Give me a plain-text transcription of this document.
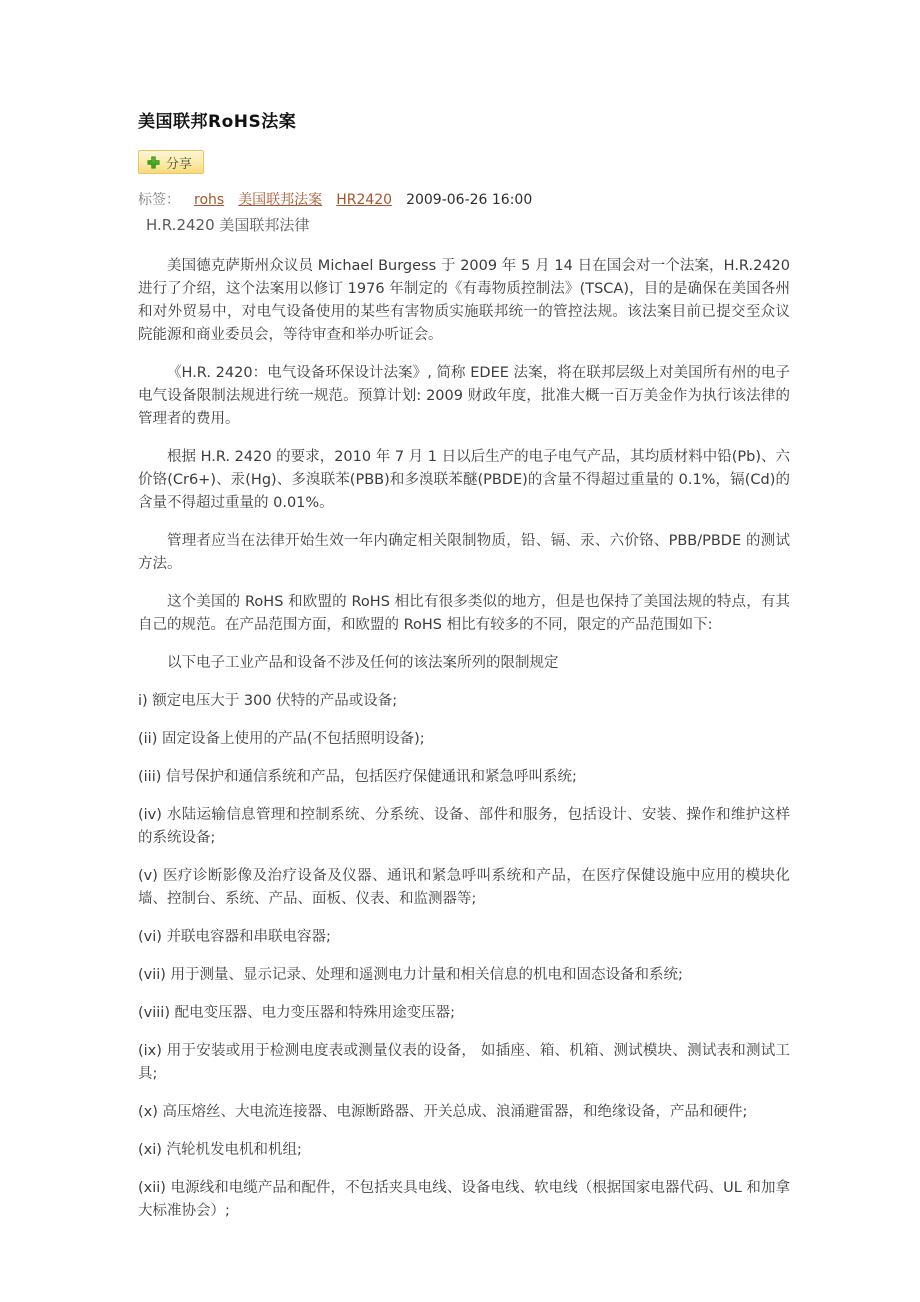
美国联邦RoHS法案
分享
标签： rohs 美国联邦法案 HR2420 2009-06-26 16:00
H.R.2420 美国联邦法律

美国德克萨斯州众议员 Michael Burgess 于 2009 年 5 月 14 日在国会对一个法案，H.R.2420 进行了介绍，这个法案用以修订 1976 年制定的《有毒物质控制法》(TSCA)，目的是确保在美国各州和对外贸易中，对电气设备使用的某些有害物质实施联邦统一的管控法规。该法案目前已提交至众议院能源和商业委员会，等待审查和举办听证会。

《H.R. 2420：电气设备环保设计法案》, 简称 EDEE 法案，将在联邦层级上对美国所有州的电子电气设备限制法规进行统一规范。预算计划: 2009 财政年度，批准大概一百万美金作为执行该法律的管理者的费用。

根据 H.R. 2420 的要求，2010 年 7 月 1 日以后生产的电子电气产品，其均质材料中铅(Pb)、六价铬(Cr6+)、汞(Hg)、多溴联苯(PBB)和多溴联苯醚(PBDE)的含量不得超过重量的 0.1%，镉(Cd)的含量不得超过重量的 0.01%。

管理者应当在法律开始生效一年内确定相关限制物质，铅、镉、汞、六价铬、PBB/PBDE 的测试方法。

这个美国的 RoHS 和欧盟的 RoHS 相比有很多类似的地方，但是也保持了美国法规的特点，有其自己的规范。在产品范围方面，和欧盟的 RoHS 相比有较多的不同，限定的产品范围如下:

以下电子工业产品和设备不涉及任何的该法案所列的限制规定

i) 额定电压大于 300 伏特的产品或设备;

(ii) 固定设备上使用的产品(不包括照明设备);

(iii) 信号保护和通信系统和产品，包括医疗保健通讯和紧急呼叫系统;

(iv) 水陆运输信息管理和控制系统、分系统、设备、部件和服务，包括设计、安装、操作和维护这样的系统设备;

(v) 医疗诊断影像及治疗设备及仪器、通讯和紧急呼叫系统和产品，在医疗保健设施中应用的模块化墙、控制台、系统、产品、面板、仪表、和监测器等;

(vi) 并联电容器和串联电容器;

(vii) 用于测量、显示记录、处理和遥测电力计量和相关信息的机电和固态设备和系统;

(viii) 配电变压器、电力变压器和特殊用途变压器;

(ix) 用于安装或用于检测电度表或测量仪表的设备， 如插座、箱、机箱、测试模块、测试表和测试工具;

(x) 高压熔丝、大电流连接器、电源断路器、开关总成、浪涌避雷器，和绝缘设备，产品和硬件;

(xi) 汽轮机发电机和机组;

(xii) 电源线和电缆产品和配件，不包括夹具电线、设备电线、软电线（根据国家电器代码、UL 和加拿大标准协会）;
